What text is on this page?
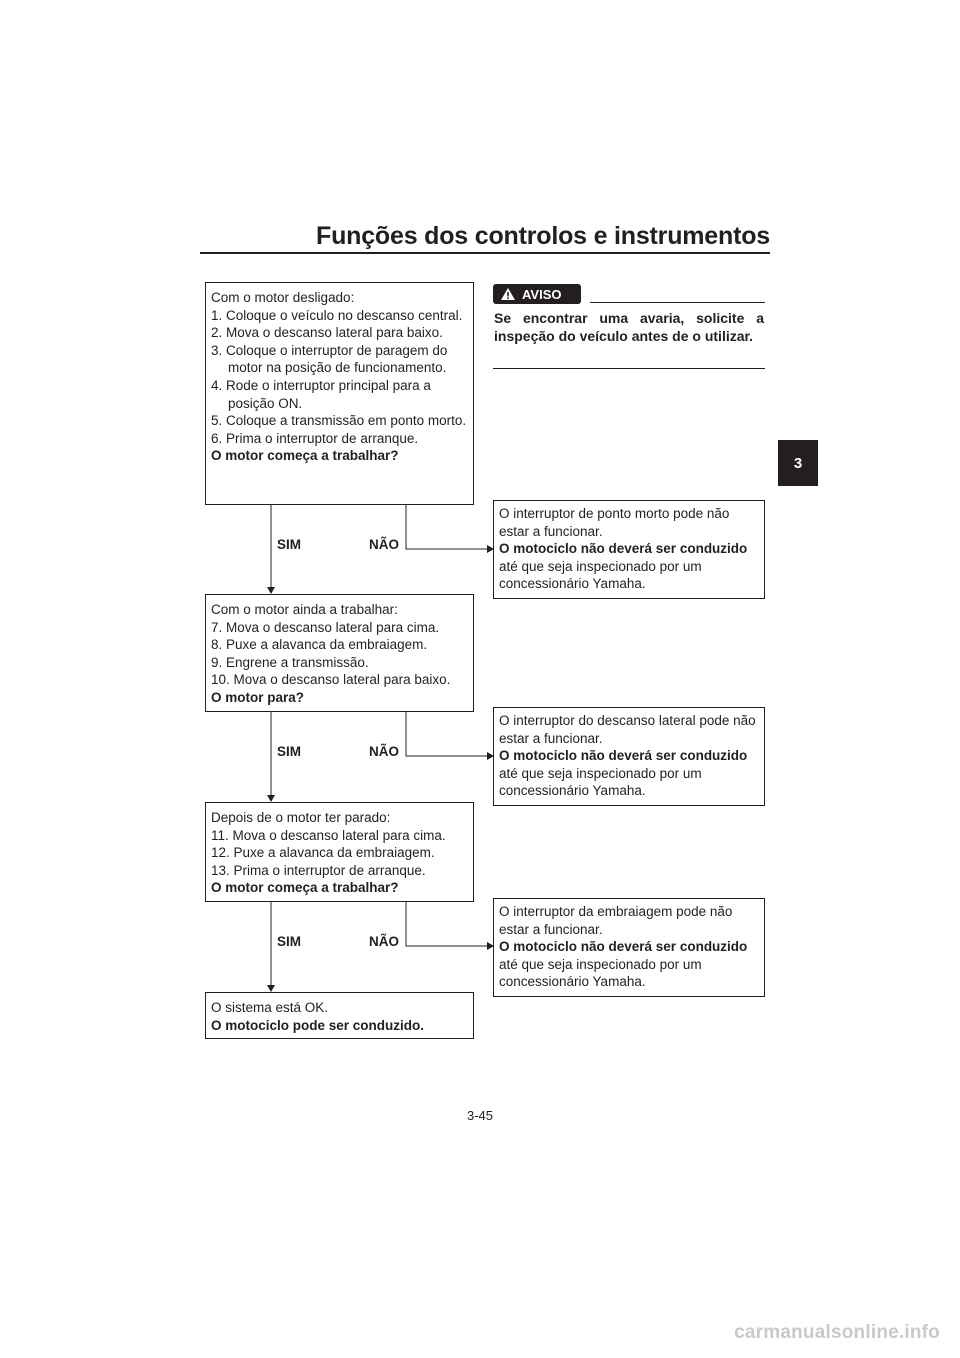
Funções dos controlos e instrumentos
3
Com o motor desligado:
1. Coloque o veículo no descanso central.
2. Mova o descanso lateral para baixo.
3. Coloque o interruptor de paragem do motor na posição de funcionamento.
4. Rode o interruptor principal para a posição ON.
5. Coloque a transmissão em ponto morto.
6. Prima o interruptor de arranque.
O motor começa a trabalhar?
SIM	NÃO
Com o motor ainda a trabalhar:
7. Mova o descanso lateral para cima.
8. Puxe a alavanca da embraiagem.
9. Engrene a transmissão.
10. Mova o descanso lateral para baixo.
O motor para?
SIM	NÃO
Depois de o motor ter parado:
11. Mova o descanso lateral para cima.
12. Puxe a alavanca da embraiagem.
13. Prima o interruptor de arranque.
O motor começa a trabalhar?
SIM	NÃO
O sistema está OK.
O motociclo pode ser conduzido.
O interruptor de ponto morto pode não estar a funcionar.
O motociclo não deverá ser conduzido até que seja inspecionado por um concessionário Yamaha.
O interruptor do descanso lateral pode não estar a funcionar.
O motociclo não deverá ser conduzido até que seja inspecionado por um concessionário Yamaha.
O interruptor da embraiagem pode não estar a funcionar.
O motociclo não deverá ser conduzido até que seja inspecionado por um concessionário Yamaha.
AVISO
Se encontrar uma avaria, solicite a inspeção do veículo antes de o utilizar.
3-45
carmanualsonline.info
